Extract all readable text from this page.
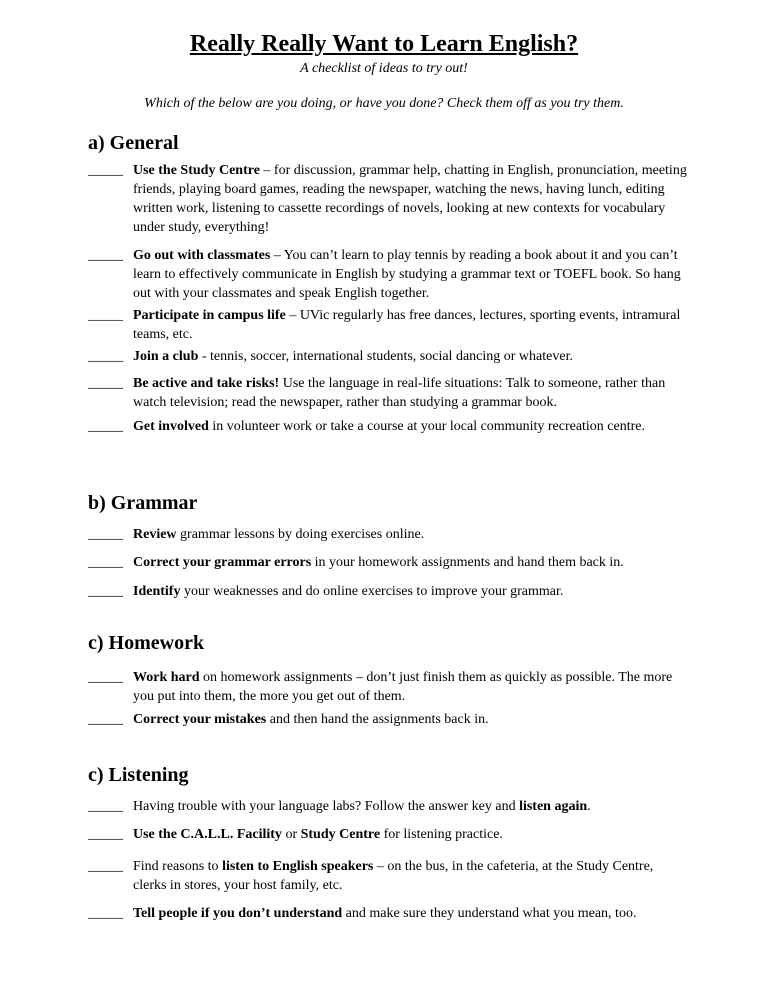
Really Really Want to Learn English?
A checklist of ideas to try out!
Which of the below are you doing, or have you done? Check them off as you try them.
a) General
_____ Use the Study Centre – for discussion, grammar help, chatting in English, pronunciation, meeting friends, playing board games, reading the newspaper, watching the news, having lunch, editing written work, listening to cassette recordings of novels, looking at new contexts for vocabulary under study, everything!
_____ Go out with classmates – You can’t learn to play tennis by reading a book about it and you can’t learn to effectively communicate in English by studying a grammar text or TOEFL book. So hang out with your classmates and speak English together.
_____ Participate in campus life – UVic regularly has free dances, lectures, sporting events, intramural teams, etc.
_____ Join a club - tennis, soccer, international students, social dancing or whatever.
_____ Be active and take risks! Use the language in real-life situations: Talk to someone, rather than watch television; read the newspaper, rather than studying a grammar book.
_____ Get involved in volunteer work or take a course at your local community recreation centre.
b) Grammar
_____ Review grammar lessons by doing exercises online.
_____ Correct your grammar errors in your homework assignments and hand them back in.
_____ Identify your weaknesses and do online exercises to improve your grammar.
c) Homework
_____ Work hard on homework assignments – don’t just finish them as quickly as possible. The more you put into them, the more you get out of them.
_____ Correct your mistakes and then hand the assignments back in.
c) Listening
_____ Having trouble with your language labs? Follow the answer key and listen again.
_____ Use the C.A.L.L. Facility or Study Centre for listening practice.
_____ Find reasons to listen to English speakers – on the bus, in the cafeteria, at the Study Centre, clerks in stores, your host family, etc.
_____ Tell people if you don’t understand and make sure they understand what you mean, too.
